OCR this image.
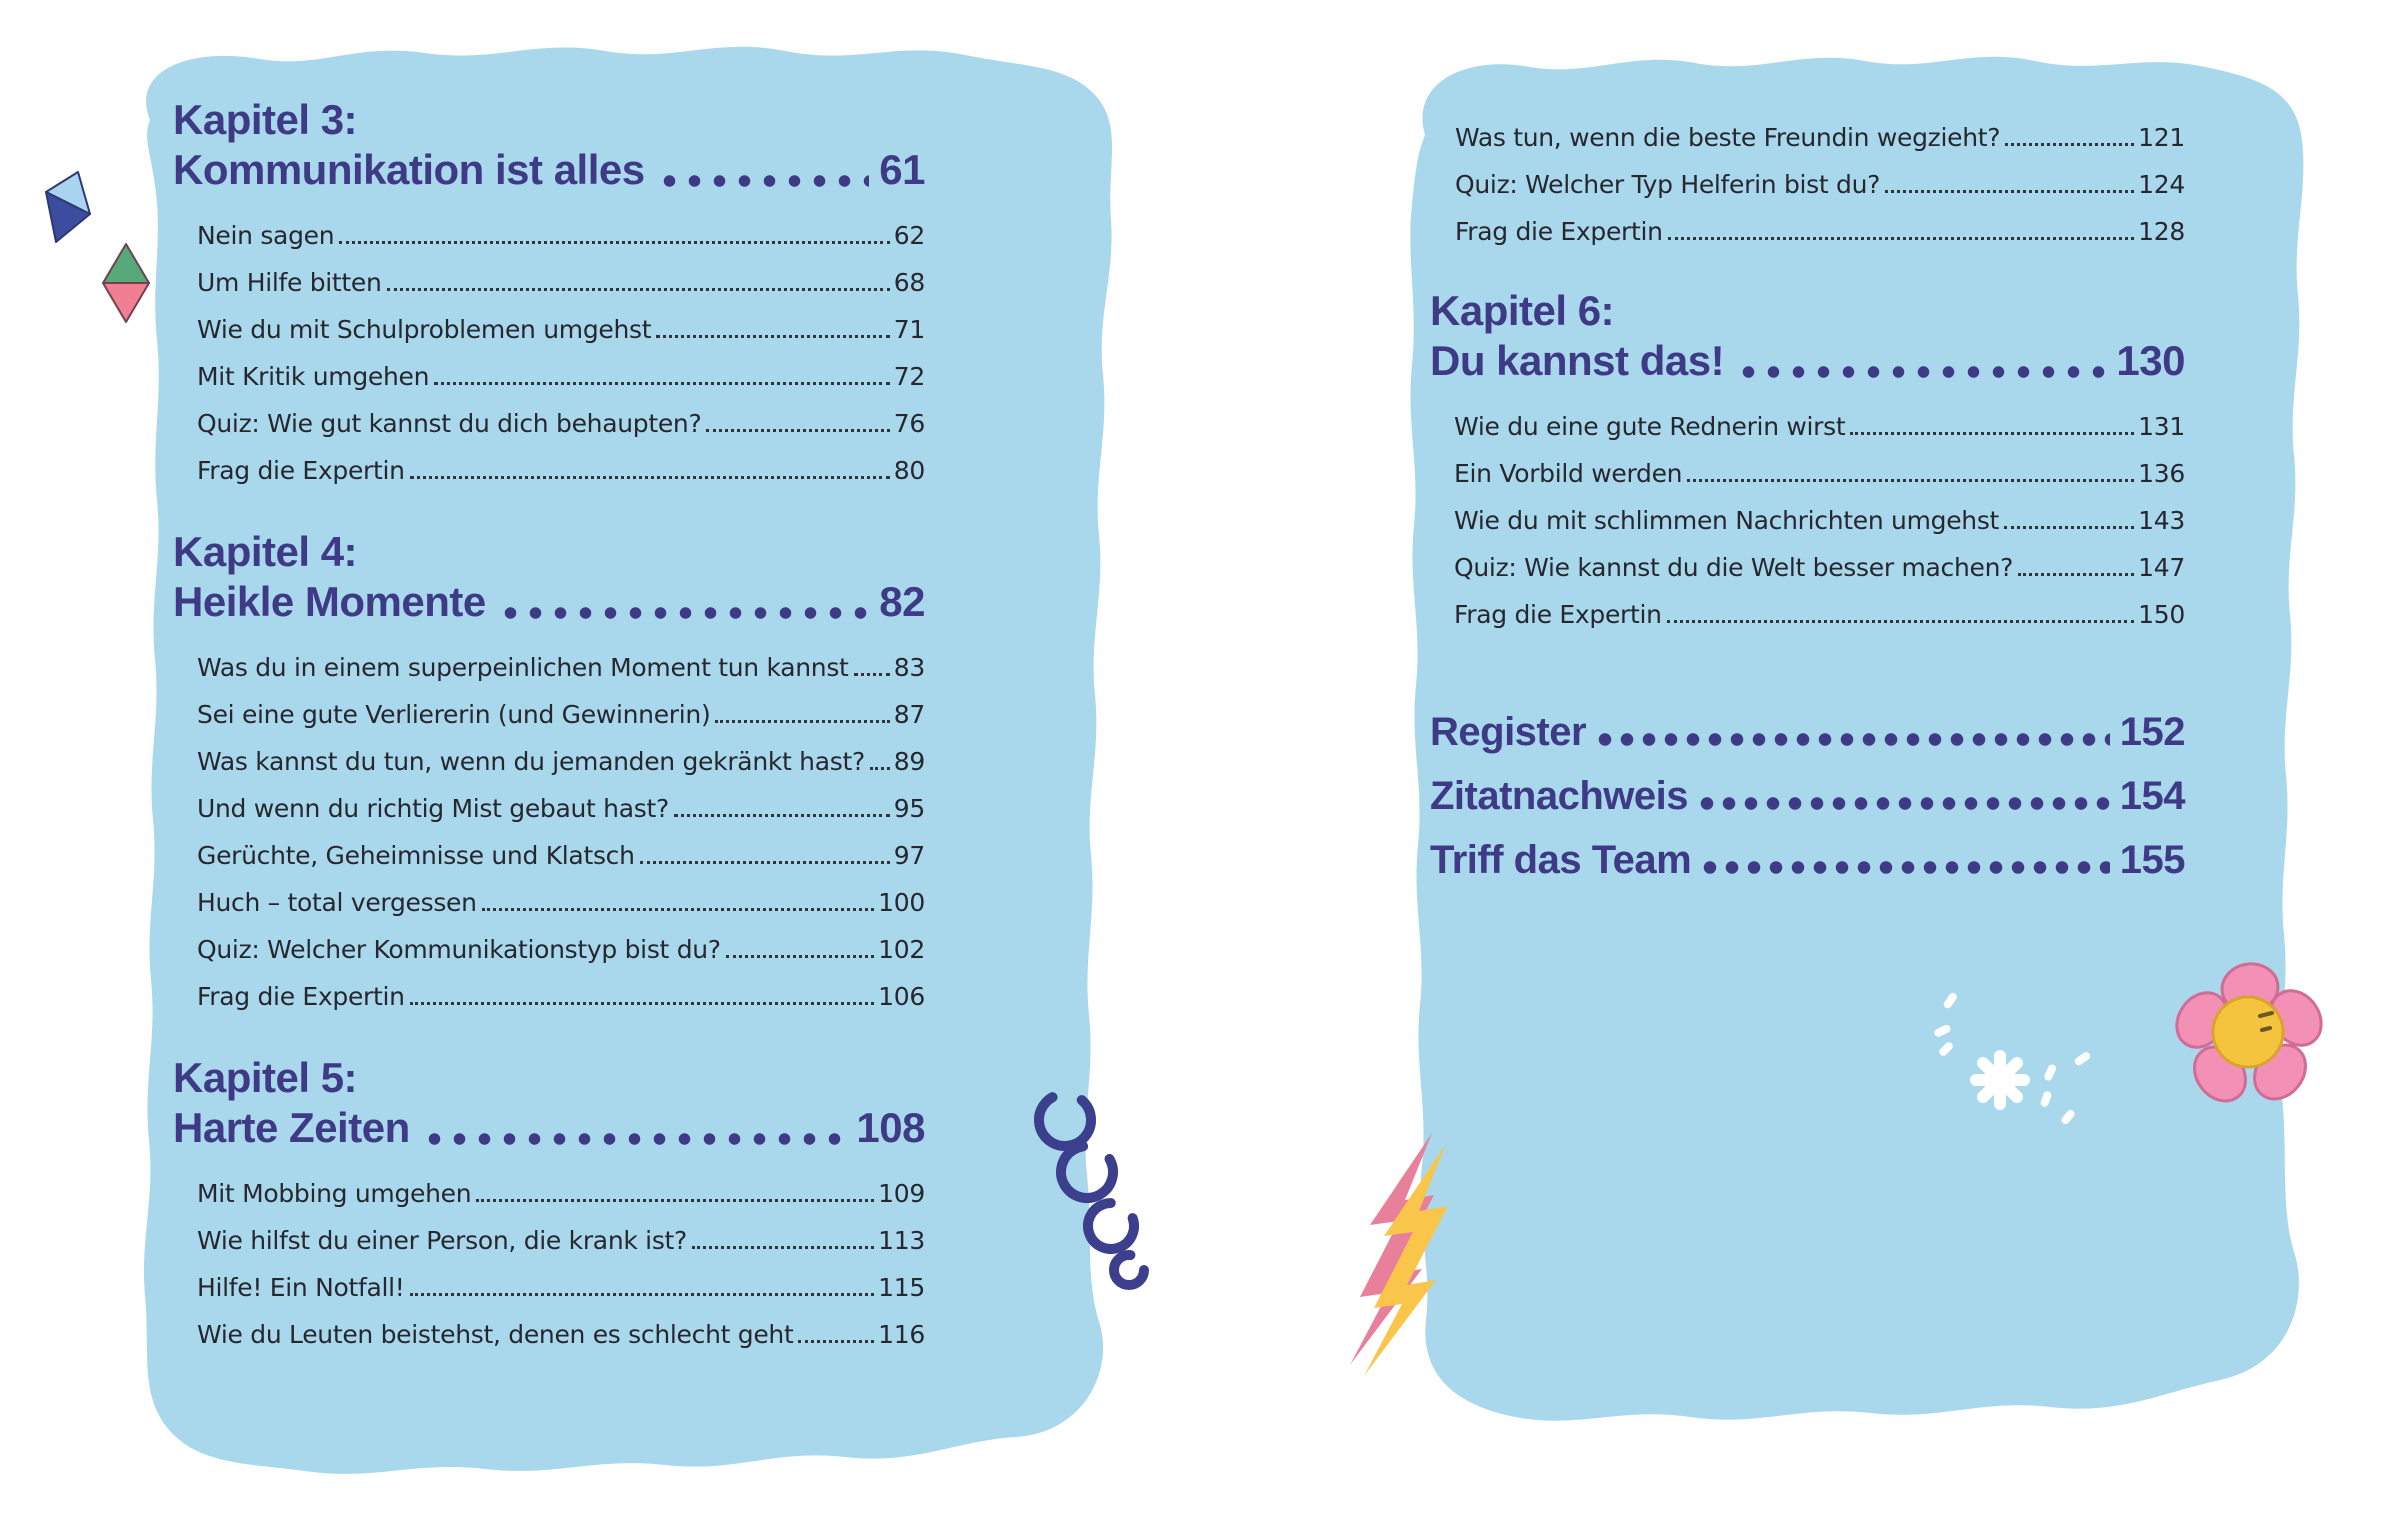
Kapitel 3:
Kommunikation ist alles	61
Nein sagen	62
Um Hilfe bitten	68
Wie du mit Schulproblemen umgehst	71
Mit Kritik umgehen	72
Quiz: Wie gut kannst du dich behaupten?	76
Frag die Expertin	80
Kapitel 4:
Heikle Momente	82
Was du in einem superpeinlichen Moment tun kannst 83
Sei eine gute Verliererin (und Gewinnerin)	87
Was kannst du tun, wenn du jemanden gekränkt hast? 89
Und wenn du richtig Mist gebaut hast?	95
Gerüchte, Geheimnisse und Klatsch	97
Huch – total vergessen	100
Quiz: Welcher Kommunikationstyp bist du?	102
Frag die Expertin	106
Kapitel 5:
Harte Zeiten	108
Mit Mobbing umgehen	109
Wie hilfst du einer Person, die krank ist?	113
Hilfe! Ein Notfall!	115
Wie du Leuten beistehst, denen es schlecht geht	116
Was tun, wenn die beste Freundin wegzieht?	121
Quiz: Welcher Typ Helferin bist du?	124
Frag die Expertin	128
Kapitel 6:
Du kannst das!	130
Wie du eine gute Rednerin wirst	131
Ein Vorbild werden	136
Wie du mit schlimmen Nachrichten umgehst	143
Quiz: Wie kannst du die Welt besser machen?	147
Frag die Expertin	150
Register	152
Zitatnachweis	154
Triff das Team	155
